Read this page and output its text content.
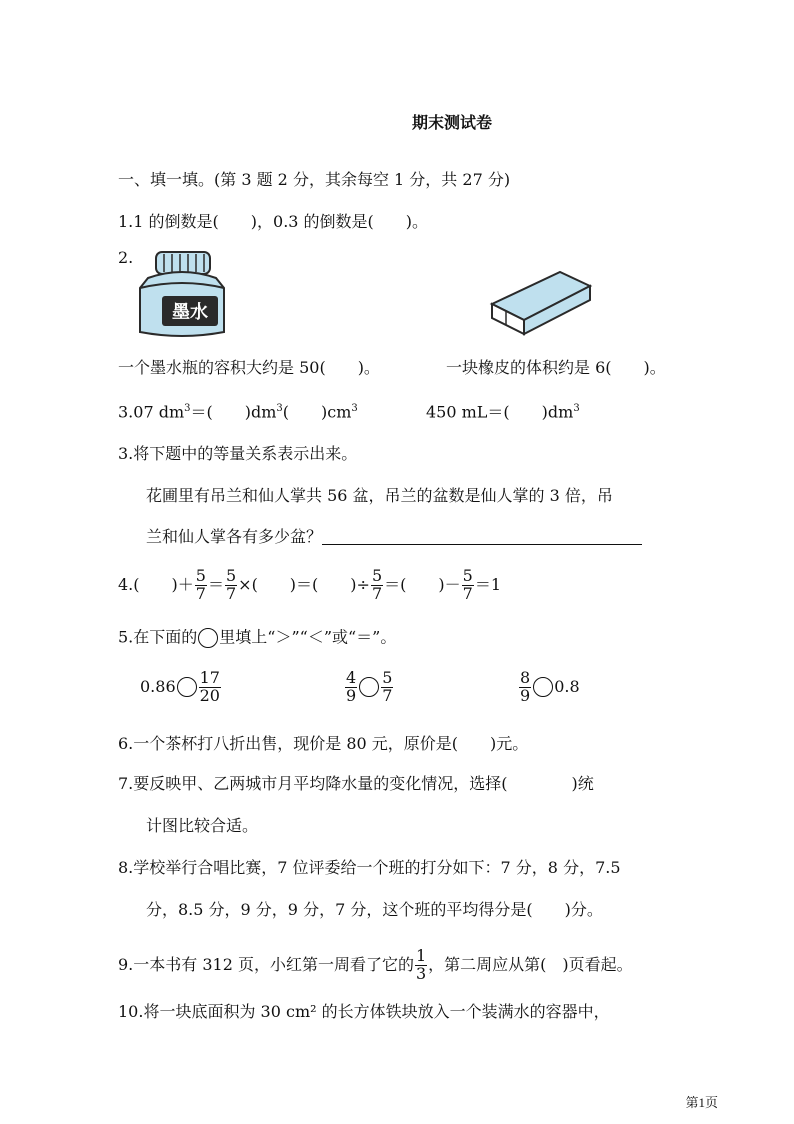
期末测试卷
一、填一填。(第 3 题 2 分，其余每空 1 分，共 27 分)
1.1 的倒数是(　　)，0.3 的倒数是(　　)。
2.
墨水
一个墨水瓶的容积大约是 50(　　)。	一块橡皮的体积约是 6(　　)。
3.07 $dm^3=$(　　)$dm^3$(　　)$cm^3$	450 mL＝(　　)$dm^3$
3.将下题中的等量关系表示出来。
花圃里有吊兰和仙人掌共 56 盆，吊兰的盆数是仙人掌的 3 倍，吊
兰和仙人掌各有多少盆？
4.(　　)＋ $\frac{5}{7} = \frac{5}{7}$ ×(　　)＝(　　)÷ $\frac{5}{7}$ ＝(　　)－ $\frac{5}{7} =1$
5.在下面的 里填上“＞”“＜”或“＝”。
$0.86 \frac{17}{20}$	$\frac{4}{9} \frac{5}{7}$	$\frac{8}{9} 0.8$
6.一个茶杯打八折出售，现价是 80 元，原价是(　　)元。
7.要反映甲、乙两城市月平均降水量的变化情况，选择(　　　　)统
计图比较合适。
8.学校举行合唱比赛，7 位评委给一个班的打分如下：7 分，8 分，7.5
分，8.5 分，9 分，9 分，7 分，这个班的平均得分是(　　)分。
9.一本书有 312 页，小红第一周看了它的 $\frac{1}{3}$ ，第二周应从第(　)页看起。
10.将一块底面积为 30 cm² 的长方体铁块放入一个装满水的容器中，
第1页
